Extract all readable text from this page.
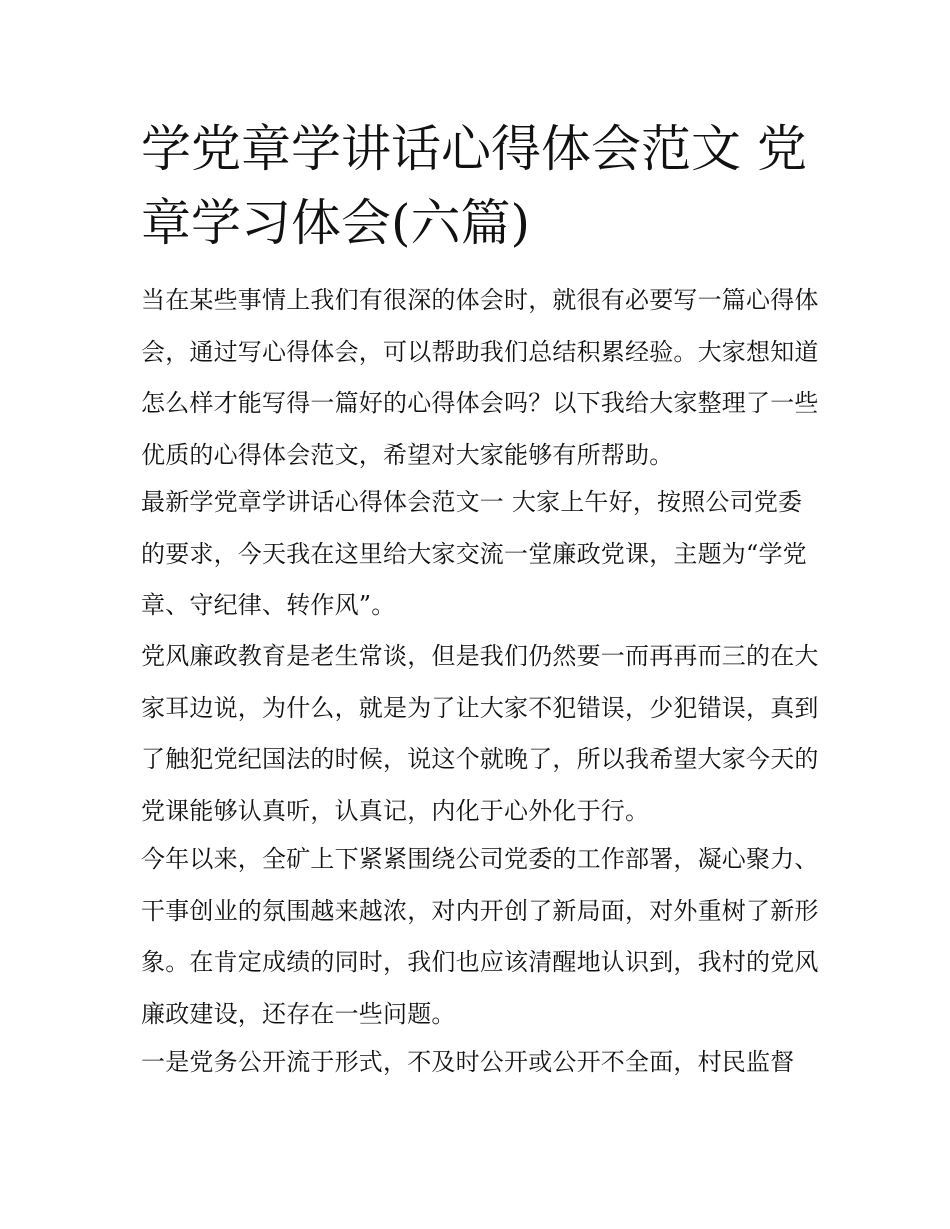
学党章学讲话心得体会范文 党章学习体会(六篇)

当在某些事情上我们有很深的体会时，就很有必要写一篇心得体会，通过写心得体会，可以帮助我们总结积累经验。大家想知道怎么样才能写得一篇好的心得体会吗？以下我给大家整理了一些优质的心得体会范文，希望对大家能够有所帮助。

最新学党章学讲话心得体会范文一 大家上午好，按照公司党委的要求，今天我在这里给大家交流一堂廉政党课，主题为“学党章、守纪律、转作风”。

党风廉政教育是老生常谈，但是我们仍然要一而再再而三的在大家耳边说，为什么，就是为了让大家不犯错误，少犯错误，真到了触犯党纪国法的时候，说这个就晚了，所以我希望大家今天的党课能够认真听，认真记，内化于心外化于行。

今年以来，全矿上下紧紧围绕公司党委的工作部署，凝心聚力、干事创业的氛围越来越浓，对内开创了新局面，对外重树了新形象。在肯定成绩的同时，我们也应该清醒地认识到，我村的党风廉政建设，还存在一些问题。

一是党务公开流于形式，不及时公开或公开不全面，村民监督
